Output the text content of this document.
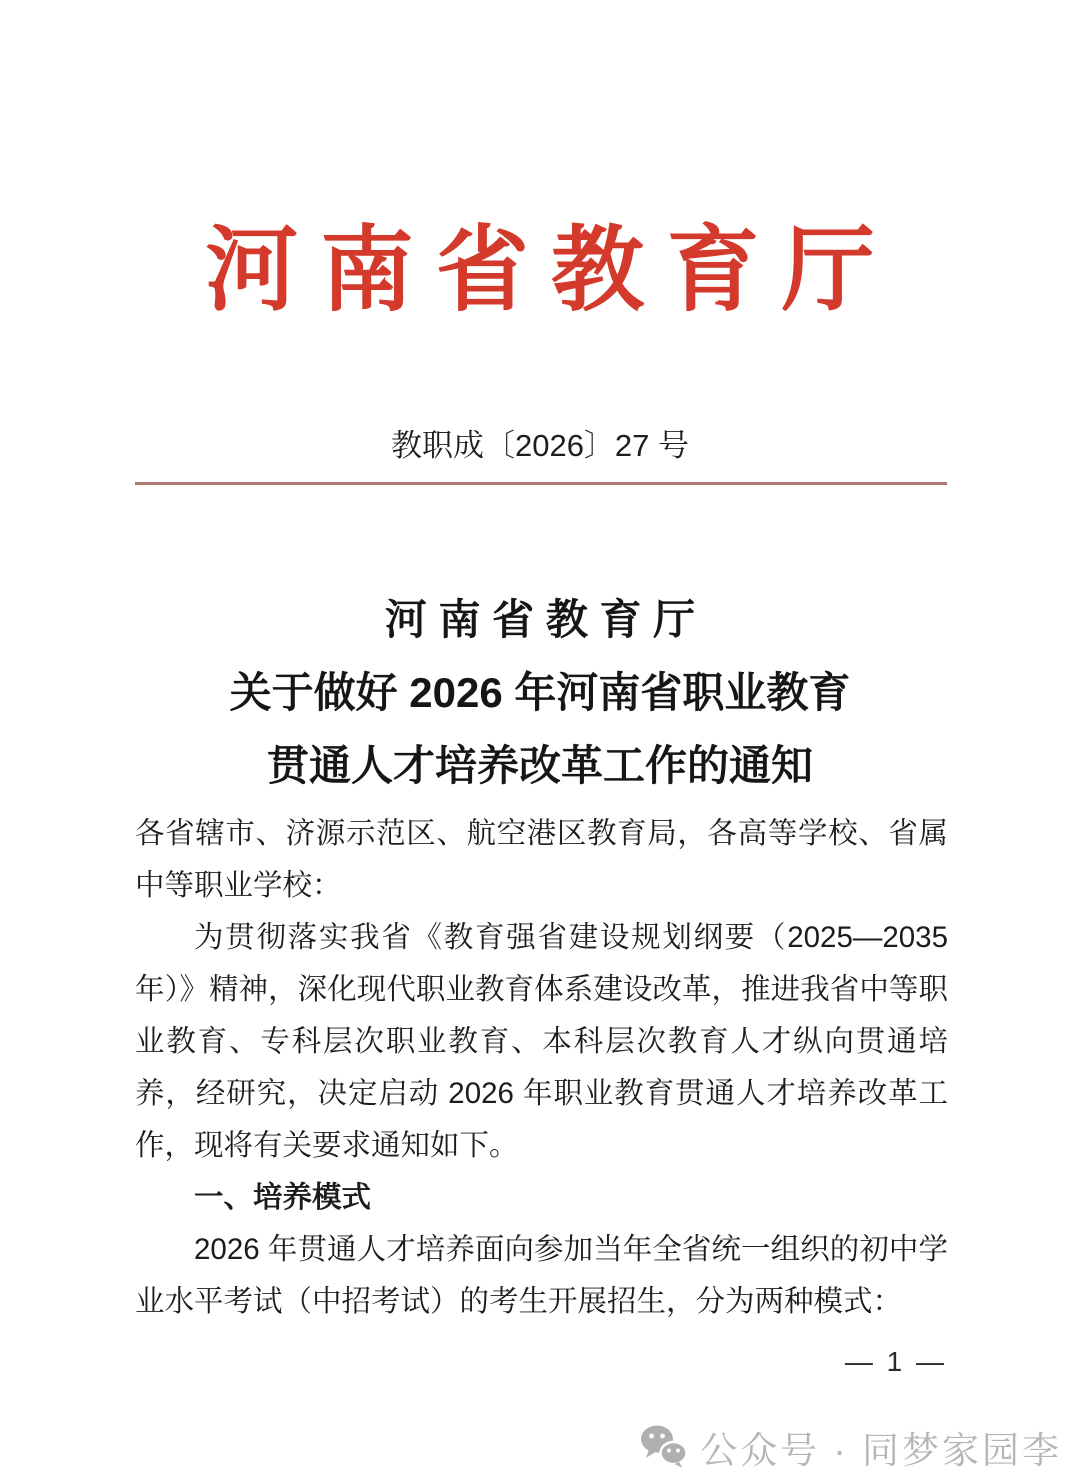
河南省教育厅
教职成〔2026〕27 号
河 南 省 教 育 厅
关于做好 2026 年河南省职业教育
贯通人才培养改革工作的通知

各省辖市、济源示范区、航空港区教育局，各高等学校、省属中等职业学校：

为贯彻落实我省《教育强省建设规划纲要（2025—2035 年）》精神，深化现代职业教育体系建设改革，推进我省中等职业教育、专科层次职业教育、本科层次教育人才纵向贯通培养，经研究，决定启动 2026 年职业教育贯通人才培养改革工作，现将有关要求通知如下。

一、培养模式

2026 年贯通人才培养面向参加当年全省统一组织的初中学业水平考试（中招考试）的考生开展招生，分为两种模式：

— 1 —
公众号 · 同梦家园李
